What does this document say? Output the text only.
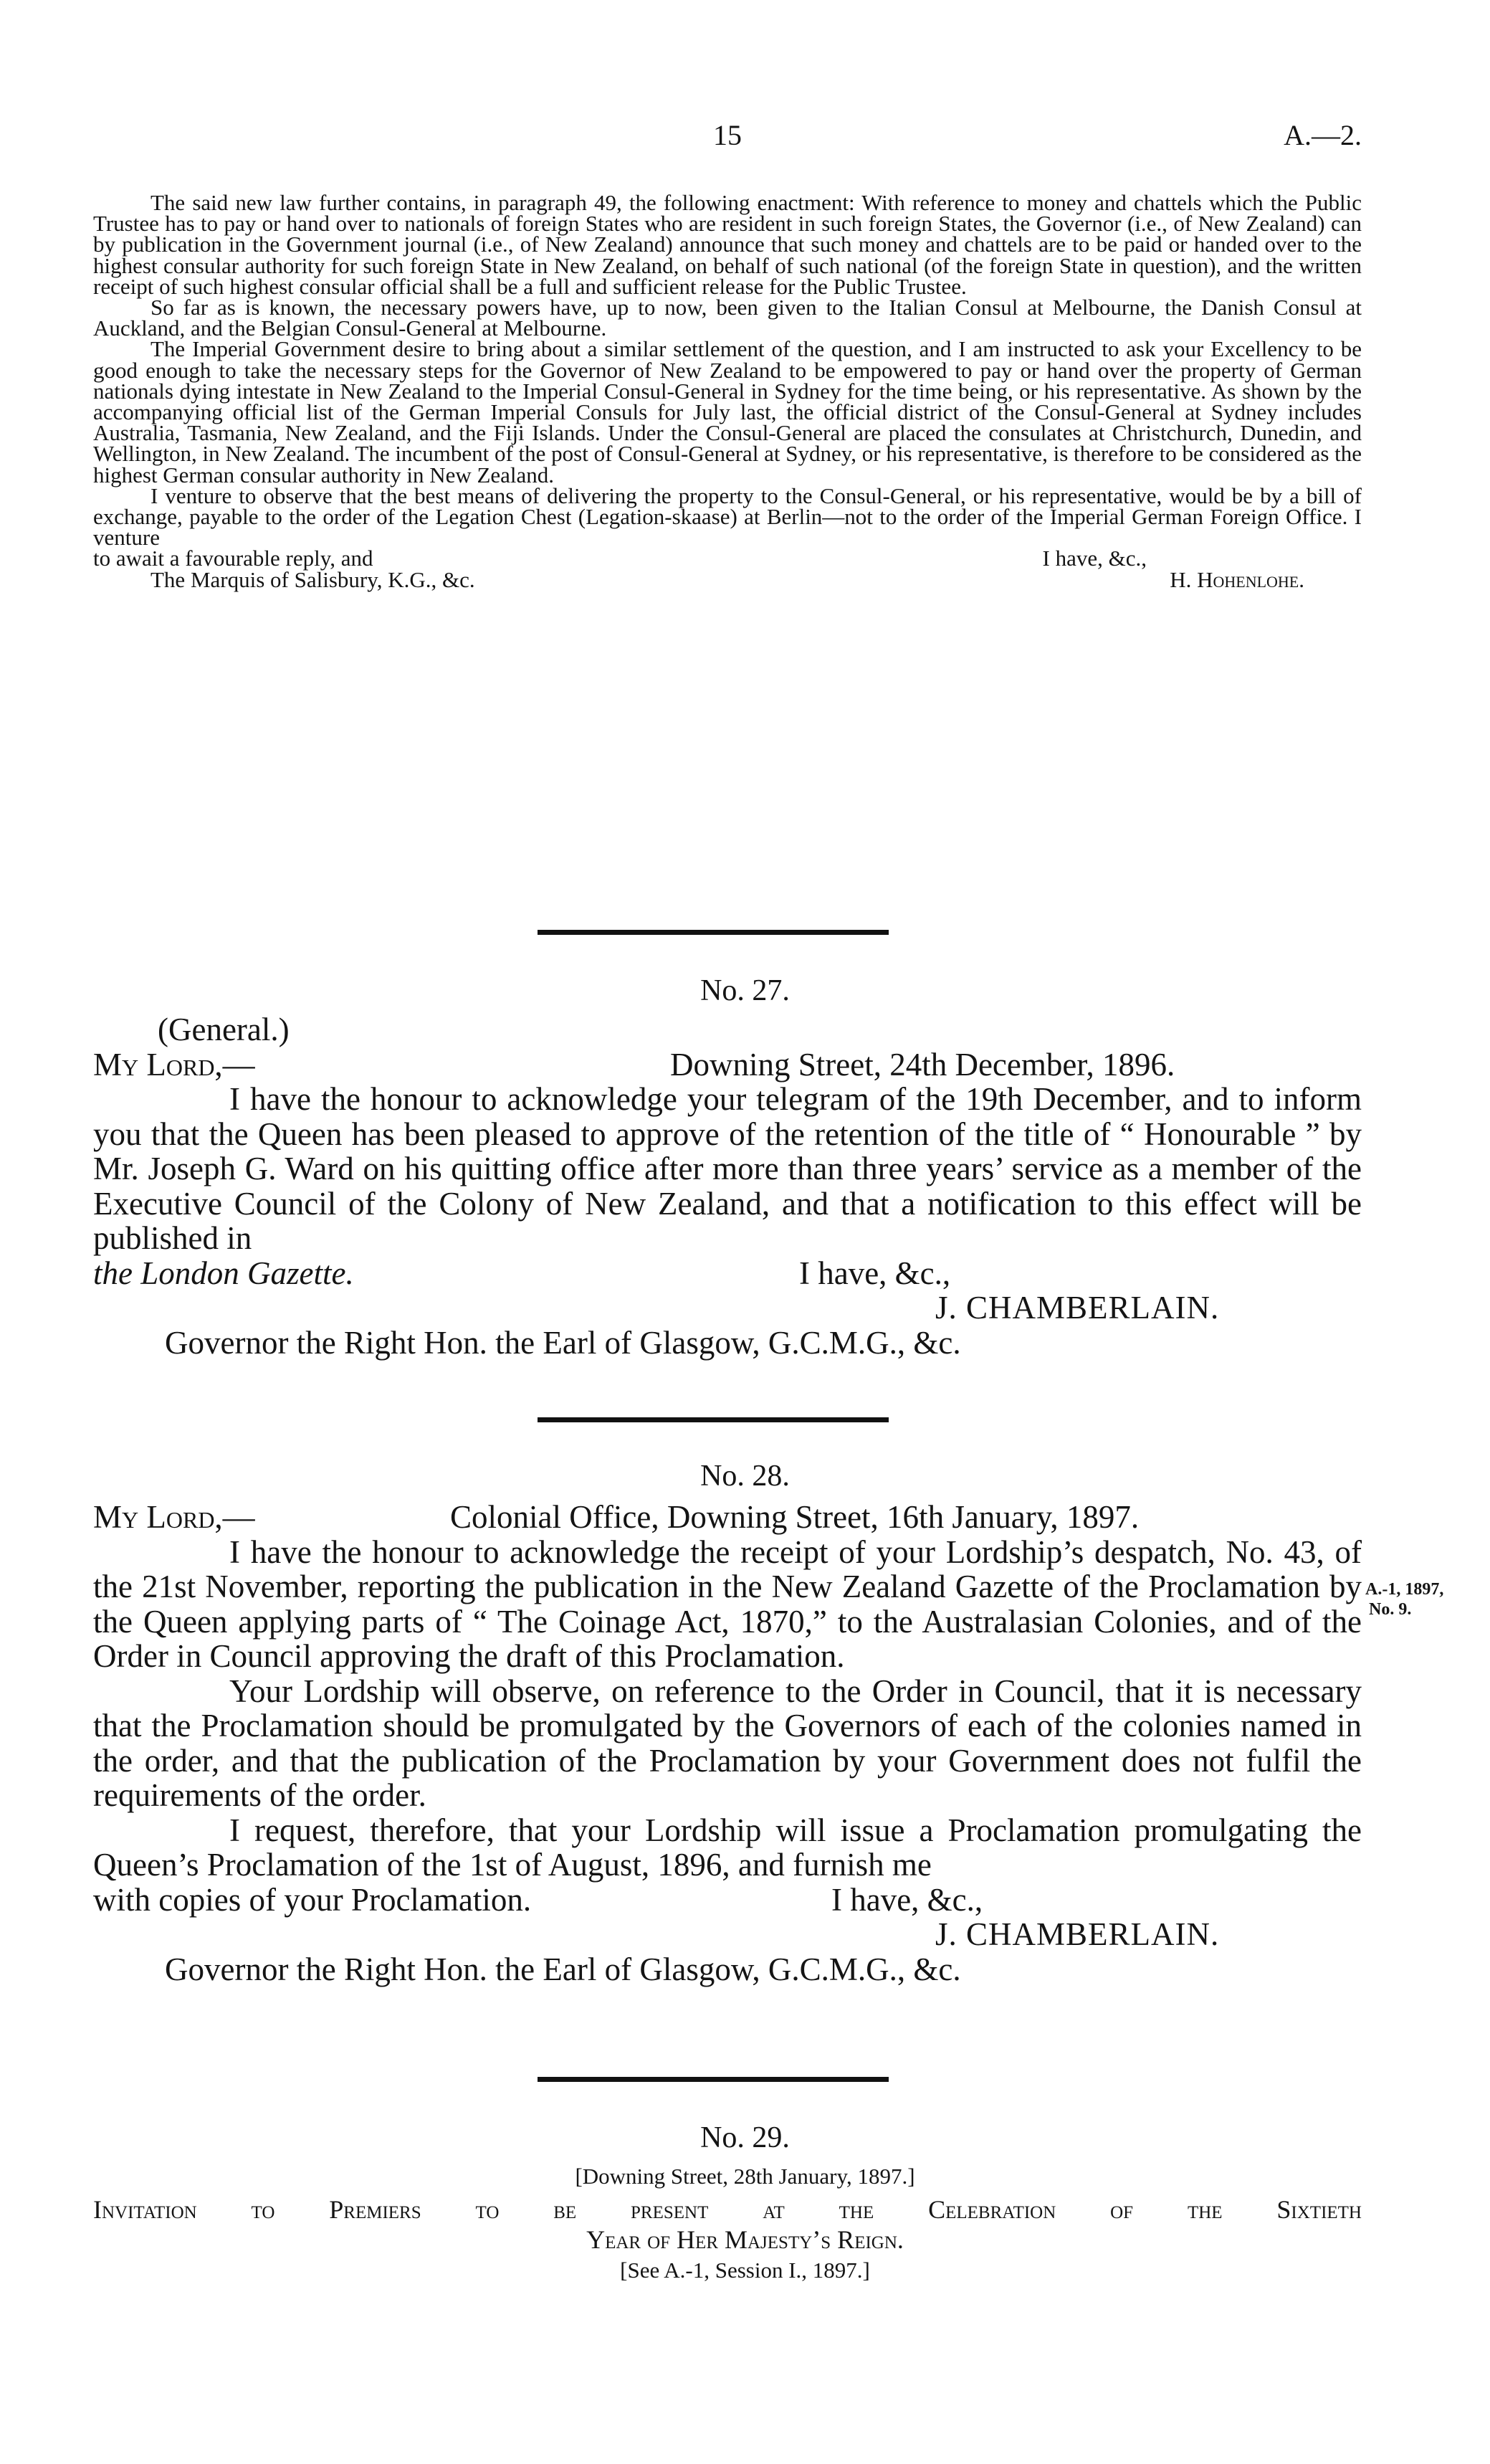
15	A.—2.

The said new law further contains, in paragraph 49, the following enactment: With reference to money and chattels which the Public Trustee has to pay or hand over to nationals of foreign States who are resident in such foreign States, the Governor (i.e., of New Zealand) can by publication in the Government journal (i.e., of New Zealand) announce that such money and chattels are to be paid or handed over to the highest consular authority for such foreign State in New Zealand, on behalf of such national (of the foreign State in question), and the written receipt of such highest consular official shall be a full and sufficient release for the Public Trustee.

So far as is known, the necessary powers have, up to now, been given to the Italian Consul at Melbourne, the Danish Consul at Auckland, and the Belgian Consul-General at Melbourne.

The Imperial Government desire to bring about a similar settlement of the question, and I am instructed to ask your Excellency to be good enough to take the necessary steps for the Governor of New Zealand to be empowered to pay or hand over the property of German nationals dying intestate in New Zealand to the Imperial Consul-General in Sydney for the time being, or his representative. As shown by the accompanying official list of the German Imperial Consuls for July last, the official district of the Consul-General at Sydney includes Australia, Tasmania, New Zealand, and the Fiji Islands. Under the Consul-General are placed the consulates at Christchurch, Dunedin, and Wellington, in New Zealand. The incumbent of the post of Consul-General at Sydney, or his representative, is therefore to be considered as the highest German consular authority in New Zealand.

I venture to observe that the best means of delivering the property to the Consul-General, or his representative, would be by a bill of exchange, payable to the order of the Legation Chest (Legation-skaase) at Berlin—not to the order of the Imperial German Foreign Office. I venture

to await a favourable reply, and	I have, &c.,
The Marquis of Salisbury, K.G., &c.	H. Hohenlohe.
No. 27.
(General.)
My Lord,—	Downing Street, 24th December, 1896.

I have the honour to acknowledge your telegram of the 19th December, and to inform you that the Queen has been pleased to approve of the retention of the title of “ Honourable ” by Mr. Joseph G. Ward on his quitting office after more than three years’ service as a member of the Executive Council of the Colony of New Zealand, and that a notification to this effect will be published in

the London Gazette.	I have, &c.,
J. CHAMBERLAIN.
Governor the Right Hon. the Earl of Glasgow, G.C.M.G., &c.
No. 28.
My Lord,—	Colonial Office, Downing Street, 16th January, 1897.

I have the honour to acknowledge the receipt of your Lordship’s despatch, No. 43, of the 21st November, reporting the publication in the New Zealand Gazette of the Proclamation by the Queen applying parts of “ The Coinage Act, 1870,” to the Australasian Colonies, and of the Order in Council approving the draft of this Proclamation.

Your Lordship will observe, on reference to the Order in Council, that it is necessary that the Proclamation should be promulgated by the Governors of each of the colonies named in the order, and that the publication of the Proclamation by your Government does not fulfil the requirements of the order.

I request, therefore, that your Lordship will issue a Proclamation promulgating the Queen’s Proclamation of the 1st of August, 1896, and furnish me

with copies of your Proclamation.	I have, &c.,
J. CHAMBERLAIN.
Governor the Right Hon. the Earl of Glasgow, G.C.M.G., &c.
A.-1, 1897,
No. 9.
No. 29.
[Downing Street, 28th January, 1897.]
Invitation to Premiers to be present at the Celebration of the Sixtieth
Year of Her Majesty’s Reign.
[See A.-1, Session I., 1897.]
